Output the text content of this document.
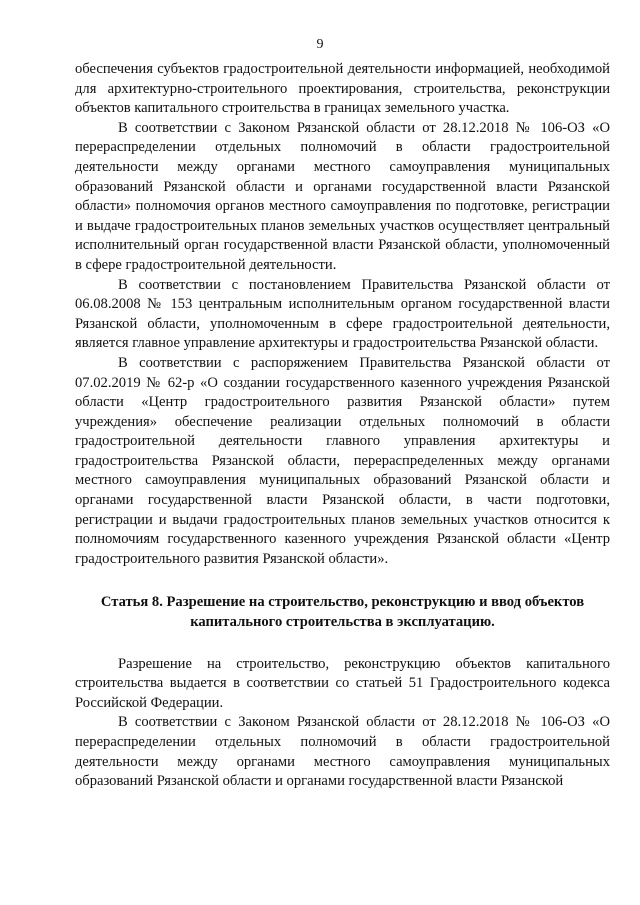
9

обеспечения субъектов градостроительной деятельности информацией, необходимой для архитектурно-строительного проектирования, строительства, реконструкции объектов капитального строительства в границах земельного участка.

В соответствии с Законом Рязанской области от 28.12.2018 № 106-ОЗ «О перераспределении отдельных полномочий в области градостроительной деятельности между органами местного самоуправления муниципальных образований Рязанской области и органами государственной власти Рязанской области» полномочия органов местного самоуправления по подготовке, регистрации и выдаче градостроительных планов земельных участков осуществляет центральный исполнительный орган государственной власти Рязанской области, уполномоченный в сфере градостроительной деятельности.

В соответствии с постановлением Правительства Рязанской области от 06.08.2008 № 153 центральным исполнительным органом государственной власти Рязанской области, уполномоченным в сфере градостроительной деятельности, является главное управление архитектуры и градостроительства Рязанской области.

В соответствии с распоряжением Правительства Рязанской области от 07.02.2019 № 62-р «О создании государственного казенного учреждения Рязанской области «Центр градостроительного развития Рязанской области» путем учреждения» обеспечение реализации отдельных полномочий в области градостроительной деятельности главного управления архитектуры и градостроительства Рязанской области, перераспределенных между органами местного самоуправления муниципальных образований Рязанской области и органами государственной власти Рязанской области, в части подготовки, регистрации и выдачи градостроительных планов земельных участков относится к полномочиям государственного казенного учреждения Рязанской области «Центр градостроительного развития Рязанской области».

Статья 8. Разрешение на строительство, реконструкцию и ввод объектов
капитального строительства в эксплуатацию.

Разрешение на строительство, реконструкцию объектов капитального строительства выдается в соответствии со статьей 51 Градостроительного кодекса Российской Федерации.

В соответствии с Законом Рязанской области от 28.12.2018 № 106-ОЗ «О перераспределении отдельных полномочий в области градостроительной деятельности между органами местного самоуправления муниципальных образований Рязанской области и органами государственной власти Рязанской
